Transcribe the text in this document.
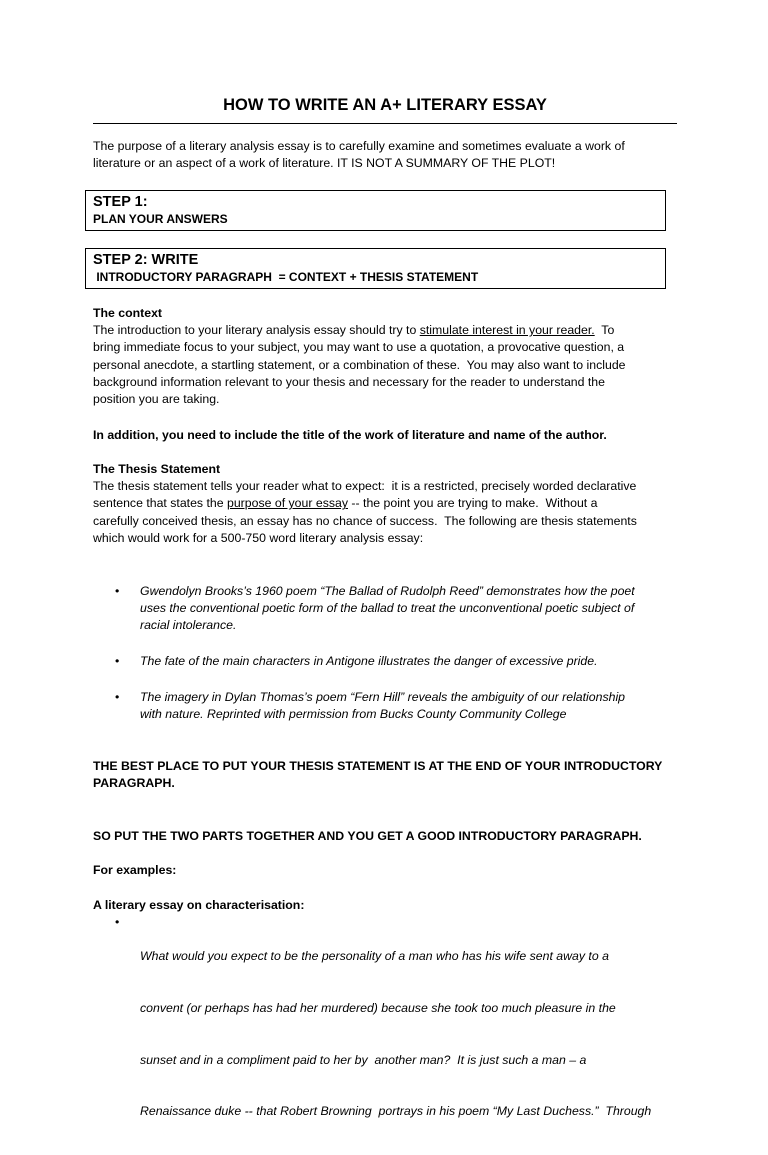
HOW TO WRITE AN A+ LITERARY ESSAY
The purpose of a literary analysis essay is to carefully examine and sometimes evaluate a work of
literature or an aspect of a work of literature. IT IS NOT A SUMMARY OF THE PLOT!
STEP 1:
PLAN YOUR ANSWERS
STEP 2: WRITE
INTRODUCTORY PARAGRAPH  = CONTEXT + THESIS STATEMENT
The context
The introduction to your literary analysis essay should try to stimulate interest in your reader.  To
bring immediate focus to your subject, you may want to use a quotation, a provocative question, a
personal anecdote, a startling statement, or a combination of these.  You may also want to include
background information relevant to your thesis and necessary for the reader to understand the
position you are taking.
In addition, you need to include the title of the work of literature and name of the author.
The Thesis Statement
The thesis statement tells your reader what to expect:  it is a restricted, precisely worded declarative
sentence that states the purpose of your essay -- the point you are trying to make.  Without a
carefully conceived thesis, an essay has no chance of success.  The following are thesis statements
which would work for a 500-750 word literary analysis essay:
• Gwendolyn Brooks’s 1960 poem “The Ballad of Rudolph Reed” demonstrates how the poet
uses the conventional poetic form of the ballad to treat the unconventional poetic subject of
racial intolerance.
• The fate of the main characters in Antigone illustrates the danger of excessive pride.
• The imagery in Dylan Thomas’s poem “Fern Hill” reveals the ambiguity of our relationship
with nature. Reprinted with permission from Bucks County Community College
THE BEST PLACE TO PUT YOUR THESIS STATEMENT IS AT THE END OF YOUR INTRODUCTORY
PARAGRAPH.
SO PUT THE TWO PARTS TOGETHER AND YOU GET A GOOD INTRODUCTORY PARAGRAPH.
For examples:
A literary essay on characterisation:
•

What would you expect to be the personality of a man who has his wife sent away to a

convent (or perhaps has had her murdered) because she took too much pleasure in the

sunset and in a compliment paid to her by  another man?  It is just such a man – a

Renaissance duke -- that Robert Browning  portrays in his poem “My Last Duchess.”  Through
